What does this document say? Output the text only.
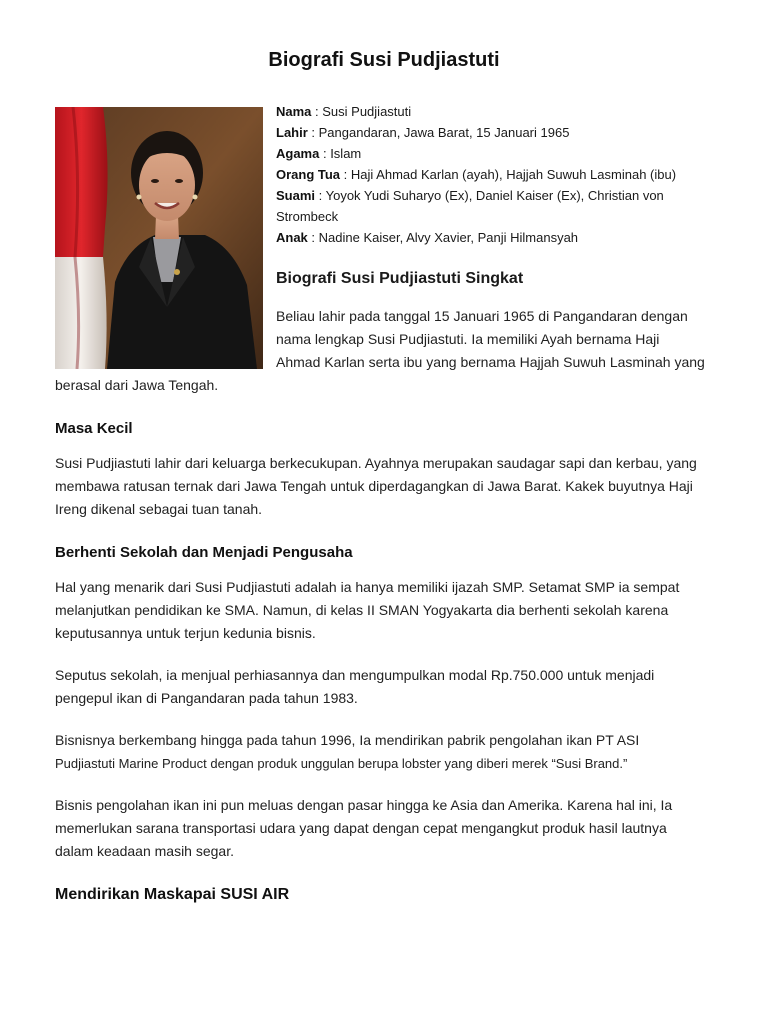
Biografi Susi Pudjiastuti
Nama : Susi Pudjiastuti
Lahir : Pangandaran, Jawa Barat, 15 Januari 1965
Agama : Islam
Orang Tua : Haji Ahmad Karlan (ayah), Hajjah Suwuh Lasminah (ibu)
Suami : Yoyok Yudi Suharyo (Ex), Daniel Kaiser (Ex), Christian von
Strombeck
Anak : Nadine Kaiser, Alvy Xavier, Panji Hilmansyah
Biografi Susi Pudjiastuti Singkat
Beliau lahir pada tanggal 15 Januari 1965 di Pangandaran dengan
nama lengkap Susi Pudjiastuti. Ia memiliki Ayah bernama Haji
Ahmad Karlan serta ibu yang bernama Hajjah Suwuh Lasminah yang
berasal dari Jawa Tengah.
Masa Kecil
Susi Pudjiastuti lahir dari keluarga berkecukupan. Ayahnya merupakan saudagar sapi dan kerbau, yang
membawa ratusan ternak dari Jawa Tengah untuk diperdagangkan di Jawa Barat. Kakek buyutnya Haji
Ireng dikenal sebagai tuan tanah.
Berhenti Sekolah dan Menjadi Pengusaha
Hal yang menarik dari Susi Pudjiastuti adalah ia hanya memiliki ijazah SMP. Setamat SMP ia sempat
melanjutkan pendidikan ke SMA. Namun, di kelas II SMAN Yogyakarta dia berhenti sekolah karena
keputusannya untuk terjun kedunia bisnis.
Seputus sekolah, ia menjual perhiasannya dan mengumpulkan modal Rp.750.000 untuk menjadi
pengepul ikan di Pangandaran pada tahun 1983.
Bisnisnya berkembang hingga pada tahun 1996, Ia mendirikan pabrik pengolahan ikan PT ASI
Pudjiastuti Marine Product dengan produk unggulan berupa lobster yang diberi merek “Susi Brand.”
Bisnis pengolahan ikan ini pun meluas dengan pasar hingga ke Asia dan Amerika. Karena hal ini, Ia
memerlukan sarana transportasi udara yang dapat dengan cepat mengangkut produk hasil lautnya
dalam keadaan masih segar.
Mendirikan Maskapai SUSI AIR
